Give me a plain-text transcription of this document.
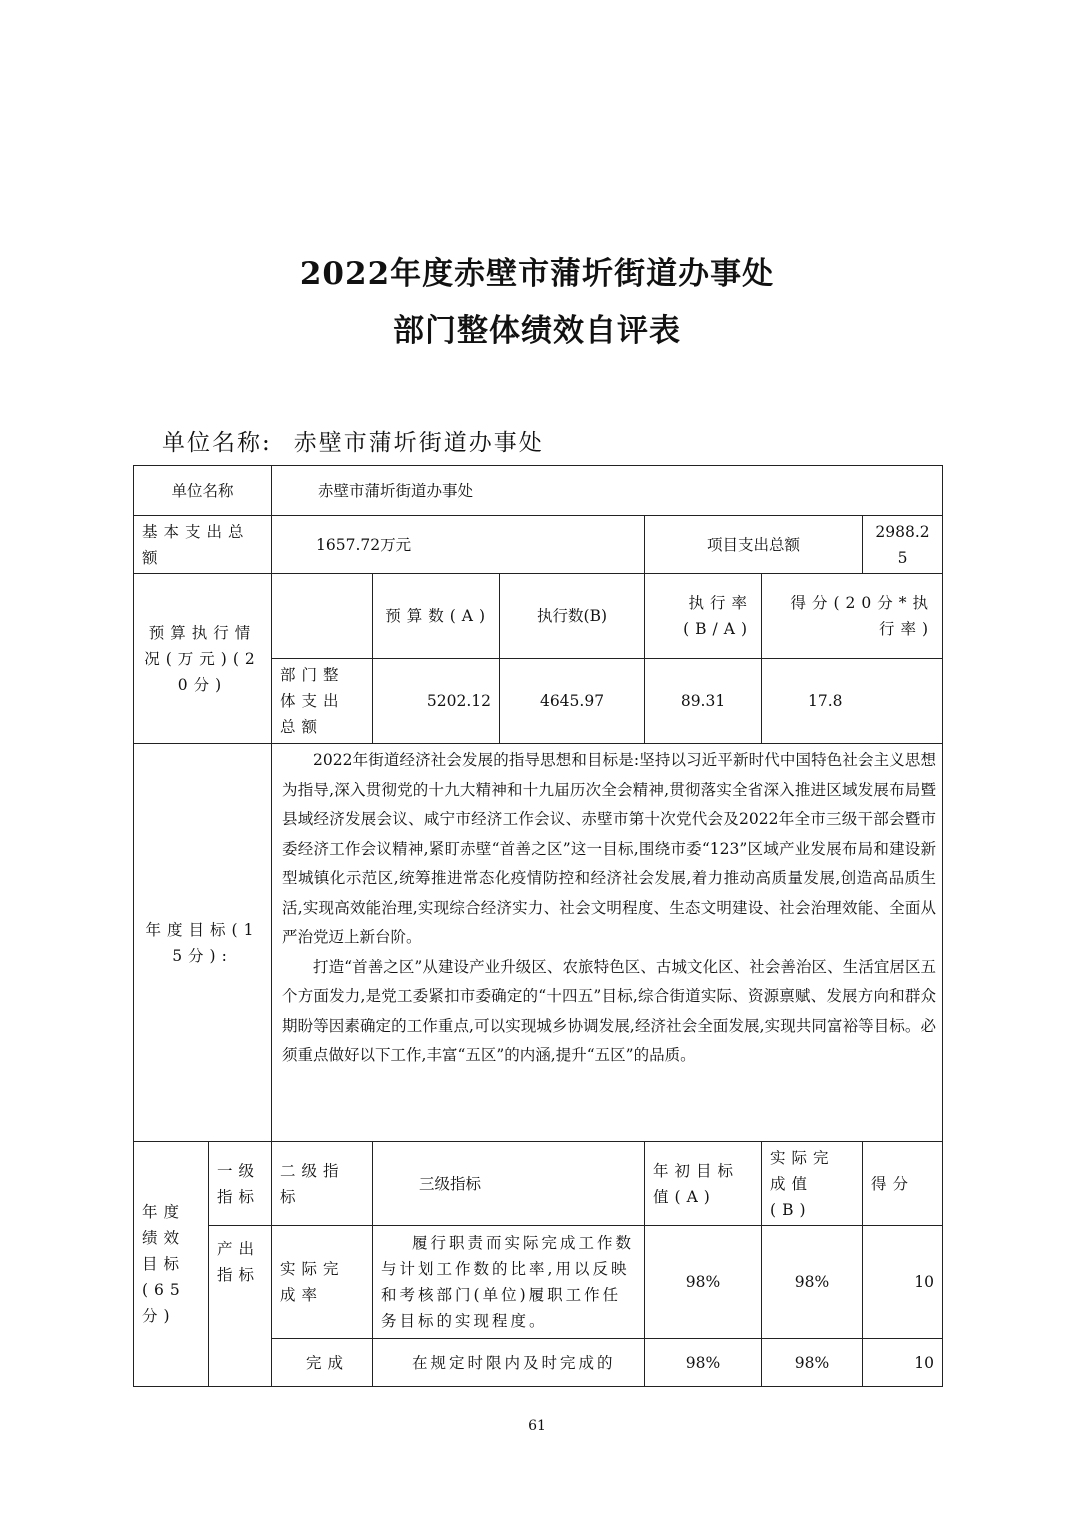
2022年度赤壁市蒲圻街道办事处
部门整体绩效自评表
单位名称: 赤壁市蒲圻街道办事处
单位名称		赤壁市蒲圻街道办事处					
基本支出总额		1657.72万元			项目支出总额		2988.25
预算执行情况(万元)(20分)			预算数(A)	执行数(B)	执行率(B/A)	得分(20分*执行率)	
		部门整体支出总额	5202.12	4645.97	89.31	17.8	
年度目标(15分):		2022年街道经济社会发展的指导思想和目标是:坚持以习近平新时代中国特色社会主义思想为指导,深入贯彻党的十九大精神和十九届历次全会精神,贯彻落实全省深入推进区域发展布局暨县域经济发展会议、咸宁市经济工作会议、赤壁市第十次党代会及2022年全市三级干部会暨市委经济工作会议精神,紧盯赤壁“首善之区”这一目标,围绕市委“123”区域产业发展布局和建设新型城镇化示范区,统筹推进常态化疫情防控和经济社会发展,着力推动高质量发展,创造高品质生活,实现高效能治理,实现综合经济实力、社会文明程度、生态文明建设、社会治理效能、全面从严治党迈上新台阶。

打造“首善之区”从建设产业升级区、农旅特色区、古城文化区、社会善治区、生活宜居区五个方面发力,是党工委紧扣市委确定的“十四五”目标,综合街道实际、资源禀赋、发展方向和群众期盼等因素确定的工作重点,可以实现城乡协调发展,经济社会全面发展,实现共同富裕等目标。必须重点做好以下工作,丰富“五区”的内涵,提升“五区”的品质。					

年度绩效目标(65分)	一级指标	二级指标	三级指标		年初目标值(A)	实际完成值(B)	得分
	产出指标	实际完成率	履行职责而实际完成工作数与计划工作数的比率,用以反映和考核部门(单位)履职工作任务目标的实现程度。		98%	98%	10
		完成	在规定时限内及时完成的		98%	98%	10
61
